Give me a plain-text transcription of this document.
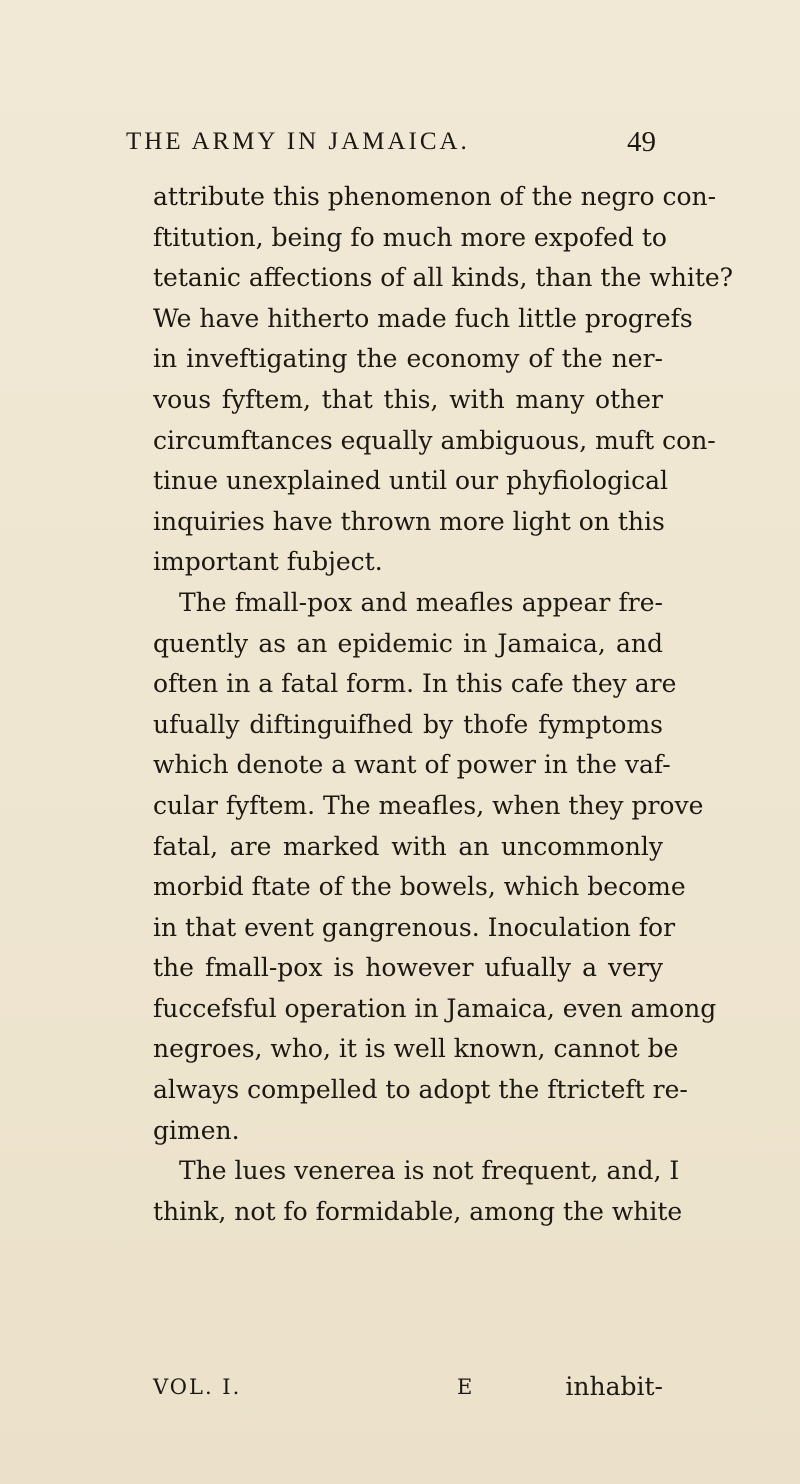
THE ARMY IN JAMAICA.	49
attribute this phenomenon of the negro con-
ftitution, being fo much more expofed to
tetanic affections of all kinds, than the white?
We have hitherto made fuch little progrefs
in inveftigating the economy of the ner-
vous fyftem, that this, with many other
circumftances equally ambiguous, muft con-
tinue unexplained until our phyfiological
inquiries have thrown more light on this
important fubject.
The fmall-pox and meafles appear fre-
quently as an epidemic in Jamaica, and
often in a fatal form. In this cafe they are
ufually diftinguifhed by thofe fymptoms
which denote a want of power in the vaf-
cular fyftem. The meafles, when they prove
fatal, are marked with an uncommonly
morbid ftate of the bowels, which become
in that event gangrenous. Inoculation for
the fmall-pox is however ufually a very
fuccefsful operation in Jamaica, even among
negroes, who, it is well known, cannot be
always compelled to adopt the ftricteft re-
gimen.
The lues venerea is not frequent, and, I
think, not fo formidable, among the white
VOL. I.	E	inhabit-
